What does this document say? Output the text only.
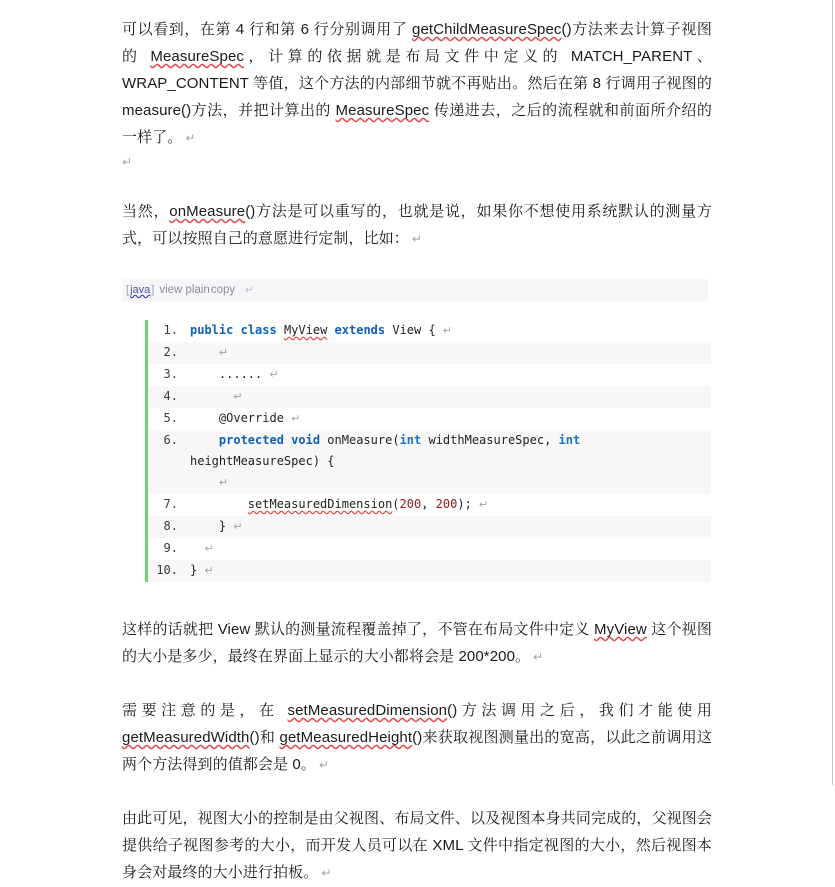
可以看到，在第 4 行和第 6 行分别调用了 getChildMeasureSpec()方法来去计算子视图的 MeasureSpec，计算的依据就是布局文件中定义的 MATCH_PARENT、WRAP_CONTENT 等值，这个方法的内部细节就不再贴出。然后在第 8 行调用子视图的 measure()方法，并把计算出的 MeasureSpec 传递进去，之后的流程就和前面所介绍的一样了。 ↵

↵

当然，onMeasure()方法是可以重写的，也就是说，如果你不想使用系统默认的测量方式，可以按照自己的意愿进行定制，比如： ↵

[java] view plaincopy ↵
1 .	public class MyView extends View { ↵
2 .	↵
3 .	...... ↵
4 .	↵
5 .	@Override ↵
6 .	protected void onMeasure(int widthMeasureSpec, int heightMeasureSpec) {
↵
7 .	setMeasuredDimension(200, 200); ↵
8 .	} ↵
9 .	↵
10 .	} ↵

这样的话就把 View 默认的测量流程覆盖掉了，不管在布局文件中定义 MyView 这个视图的大小是多少，最终在界面上显示的大小都将会是 200*200。 ↵

需要注意的是，在 setMeasuredDimension()方法调用之后，我们才能使用 getMeasuredWidth()和 getMeasuredHeight()来获取视图测量出的宽高，以此之前调用这两个方法得到的值都会是 0。 ↵

由此可见，视图大小的控制是由父视图、布局文件、以及视图本身共同完成的，父视图会提供给子视图参考的大小，而开发人员可以在 XML 文件中指定视图的大小，然后视图本身会对最终的大小进行拍板。 ↵
